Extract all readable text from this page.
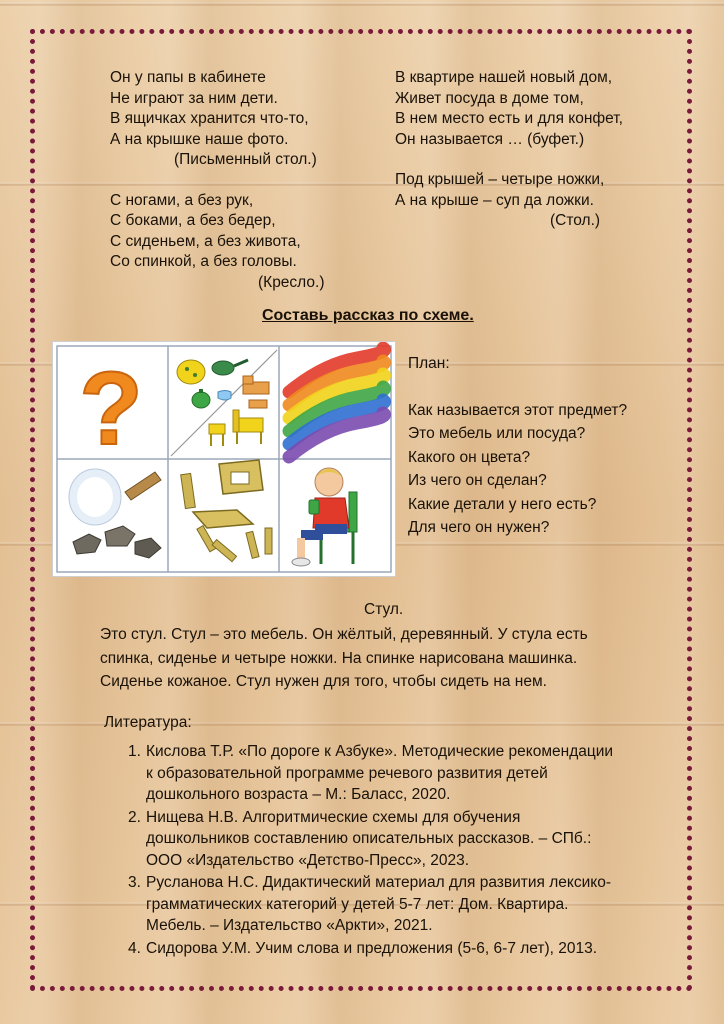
Он у папы в кабинете

Не играют за ним дети.

В ящичках хранится что-то,

А на крышке наше фото.

(Письменный стол.)

С ногами, а без рук,

С боками, а без бедер,

С сиденьем, а без живота,

Со спинкой, а без головы.

(Кресло.)

В квартире нашей новый дом,

Живет посуда в доме том,

В нем место есть и для конфет,

Он называется … (буфет.)

Под крышей – четыре ножки,

А на крыше – суп да ложки.

(Стол.)

Составь рассказ по схеме.
?	План:

Как называется этот предмет?

Это мебель или посуда?

Какого он цвета?

Из чего он сделан?

Какие детали у него есть?

Для чего он нужен?

Стул.

Это стул. Стул – это мебель. Он жёлтый, деревянный. У стула есть

спинка, сиденье и четыре ножки. На спинке нарисована машинка.

Сиденье кожаное. Стул нужен для того, чтобы сидеть на нем.

Литература:
1. Кислова Т.Р. «По дороге к Азбуке». Методические рекомендации
к образовательной программе речевого развития детей
дошкольного возраста – М.: Баласс, 2020.
2. Нищева Н.В. Алгоритмические схемы для обучения
дошкольников составлению описательных рассказов. – СПб.:
ООО «Издательство «Детство-Пресс», 2023.
3. Русланова Н.С. Дидактический материал для развития лексико-
грамматических категорий у детей 5-7 лет: Дом. Квартира.
Мебель. – Издательство «Аркти», 2021.
4. Сидорова У.М. Учим слова и предложения (5-6, 6-7 лет), 2013.
